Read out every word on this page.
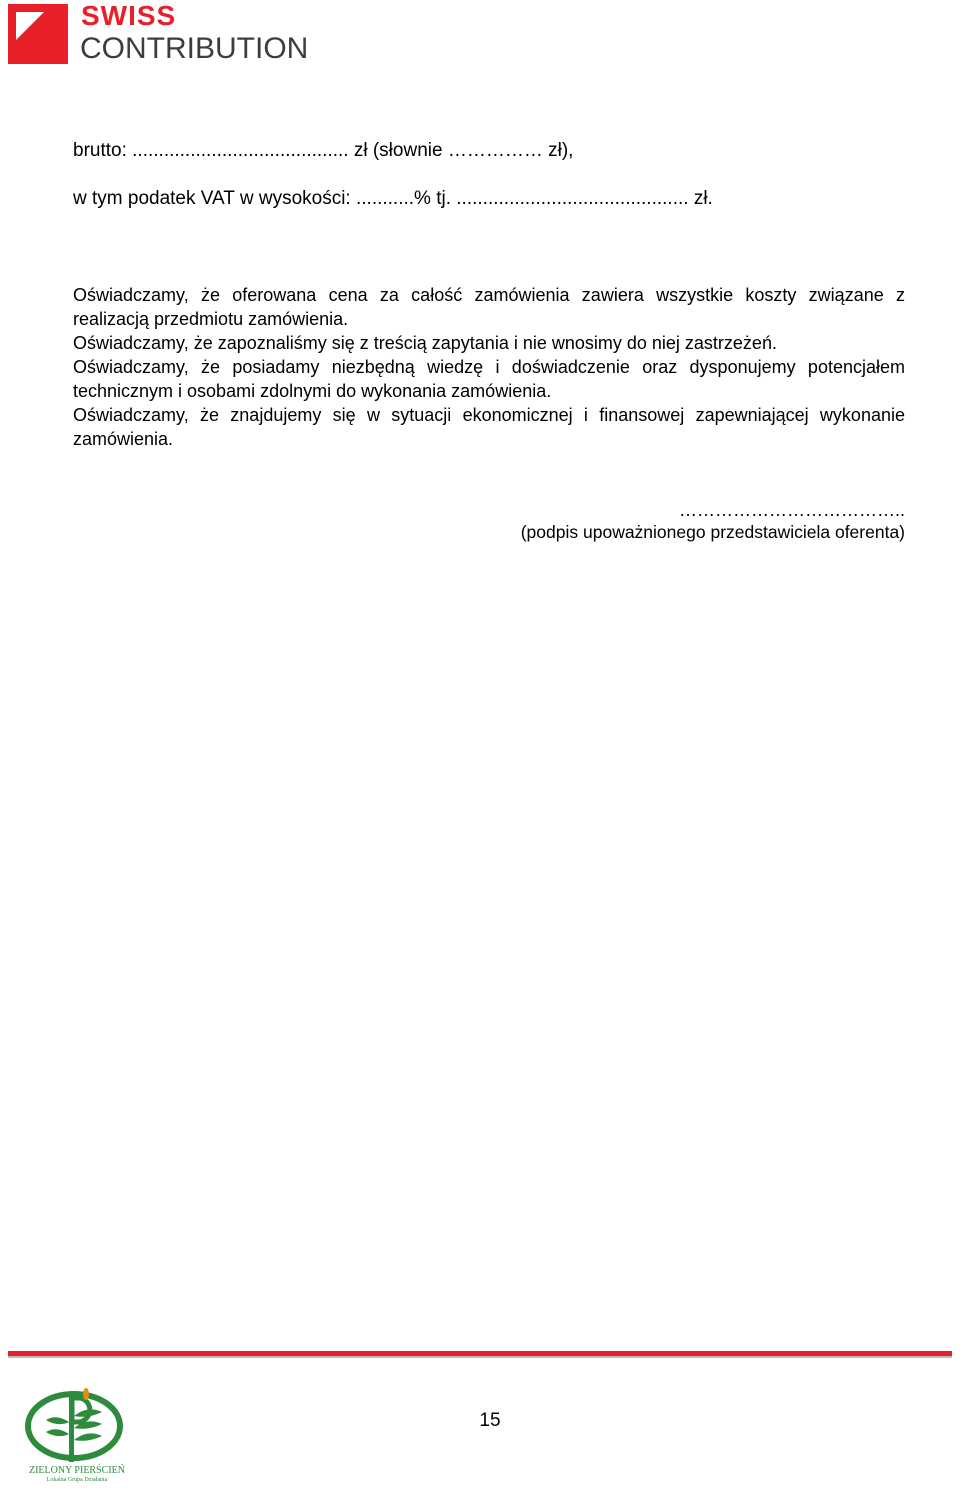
SWISS
CONTRIBUTION
brutto: ......................................... zł (słownie …………… zł),
w tym podatek VAT w wysokości: ...........% tj. ............................................ zł.
Oświadczamy, że oferowana cena za całość zamówienia zawiera wszystkie koszty związane z realizacją przedmiotu zamówienia.
Oświadczamy, że zapoznaliśmy się z treścią zapytania i nie wnosimy do niej zastrzeżeń.
Oświadczamy, że posiadamy niezbędną wiedzę i doświadczenie oraz dysponujemy potencjałem technicznym i osobami zdolnymi do wykonania zamówienia.
Oświadczamy, że znajdujemy się w sytuacji ekonomicznej i finansowej zapewniającej wykonanie zamówienia.
………………………………..
(podpis upoważnionego przedstawiciela oferenta)
ZIELONY PIERŚCIEŃ
Lokalna Grupa Działania
15
